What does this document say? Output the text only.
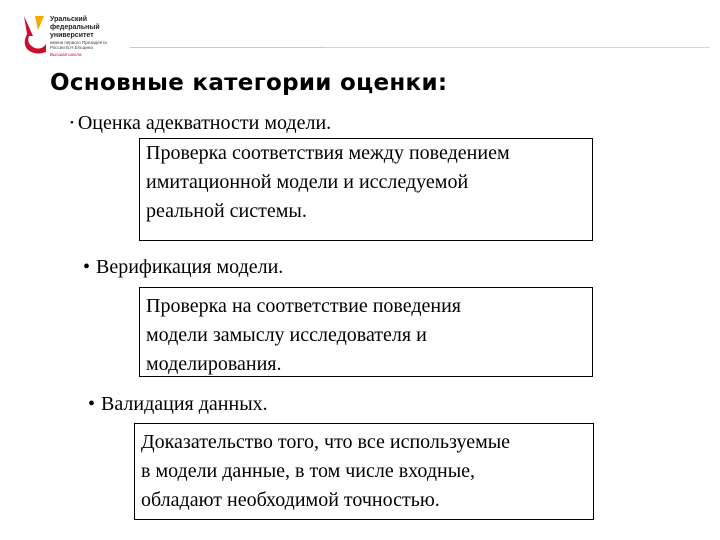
Уральский
федеральный
университет
имени первого Президента
России Б.Н.Ельцина
Высшая школа
Основные категории оценки:
• Оценка адекватности модели.
Проверка соответствия между поведением
имитационной модели и исследуемой
реальной системы.
• Верификация модели.
Проверка на соответствие поведения
модели замыслу исследователя и
моделирования.
• Валидация данных.
Доказательство того, что все используемые
в модели данные, в том числе входные,
обладают необходимой точностью.
